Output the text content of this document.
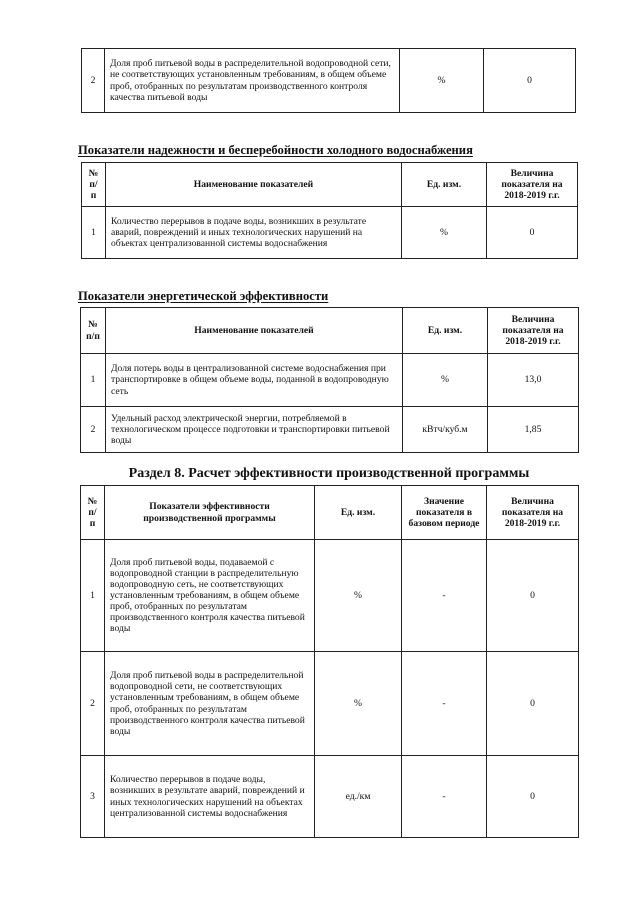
2	Доля проб питьевой воды в распределительной водопроводной сети, не соответствующих установленным требованиям, в общем объеме проб, отобранных по результатам производственного контроля качества питьевой воды	%	0
Показатели надежности и бесперебойности холодного водоснабжения
№ п/п	Наименование показателей	Ед. изм.	Величина показателя на 2018-2019 г.г.
1	Количество перерывов в подаче воды, возникших в результате аварий, повреждений и иных технологических нарушений на объектах централизованной системы водоснабжения	%	0
Показатели энергетической эффективности
№ п/п	Наименование показателей	Ед. изм.	Величина показателя на 2018-2019 г.г.
1	Доля потерь воды в централизованной системе водоснабжения при транспортировке в общем объеме воды, поданной в водопроводную сеть	%	13,0
2	Удельный расход электрической энергии, потребляемой в технологическом процессе подготовки и транспортировки питьевой воды	кВтч/куб.м	1,85
Раздел 8. Расчет эффективности производственной программы
№ п/п	Показатели эффективности производственной программы	Ед. изм.	Значение показателя в базовом периоде	Величина показателя на 2018-2019 г.г.
1	Доля проб питьевой воды, подаваемой с водопроводной станции в распределительную водопроводную сеть, не соответствующих установленным требованиям, в общем объеме проб, отобранных по результатам производственного контроля качества питьевой воды	%	-	0
2	Доля проб питьевой воды в распределительной водопроводной сети, не соответствующих установленным требованиям, в общем объеме проб, отобранных по результатам производственного контроля качества питьевой воды	%	-	0
3	Количество перерывов в подаче воды, возникших в результате аварий, повреждений и иных технологических нарушений на объектах централизованной системы водоснабжения	ед./км	-	0
